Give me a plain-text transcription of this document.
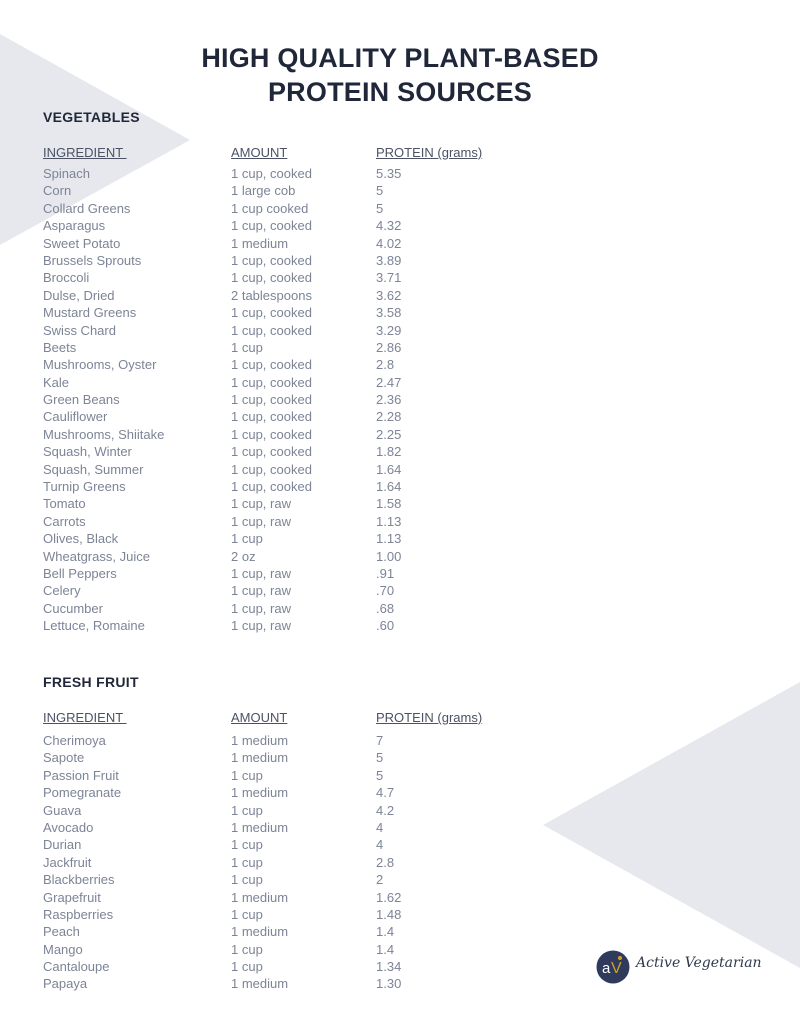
HIGH QUALITY PLANT-BASED
PROTEIN SOURCES
VEGETABLES
INGREDIENT	AMOUNT	PROTEIN (grams)
Spinach	1 cup, cooked	5.35
Corn	1 large cob	5
Collard Greens	1 cup cooked	5
Asparagus	1 cup, cooked	4.32
Sweet Potato	1 medium	4.02
Brussels Sprouts	1 cup, cooked	3.89
Broccoli	1 cup, cooked	3.71
Dulse, Dried	2 tablespoons	3.62
Mustard Greens	1 cup, cooked	3.58
Swiss Chard	1 cup, cooked	3.29
Beets	1 cup	2.86
Mushrooms, Oyster	1 cup, cooked	2.8
Kale	1 cup, cooked	2.47
Green Beans	1 cup, cooked	2.36
Cauliflower	1 cup, cooked	2.28
Mushrooms, Shiitake	1 cup, cooked	2.25
Squash, Winter	1 cup, cooked	1.82
Squash, Summer	1 cup, cooked	1.64
Turnip Greens	1 cup, cooked	1.64
Tomato	1 cup, raw	1.58
Carrots	1 cup, raw	1.13
Olives, Black	1 cup	1.13
Wheatgrass, Juice	2 oz	1.00
Bell Peppers	1 cup, raw	.91
Celery	1 cup, raw	.70
Cucumber	1 cup, raw	.68
Lettuce, Romaine	1 cup, raw	.60
FRESH FRUIT
INGREDIENT	AMOUNT	PROTEIN (grams)
Cherimoya	1 medium	7
Sapote	1 medium	5
Passion Fruit	1 cup	5
Pomegranate	1 medium	4.7
Guava	1 cup	4.2
Avocado	1 medium	4
Durian	1 cup	4
Jackfruit	1 cup	2.8
Blackberries	1 cup	2
Grapefruit	1 medium	1.62
Raspberries	1 cup	1.48
Peach	1 medium	1.4
Mango	1 cup	1.4
Cantaloupe	1 cup	1.34
Papaya	1 medium	1.30
a V Active Vegetarian
